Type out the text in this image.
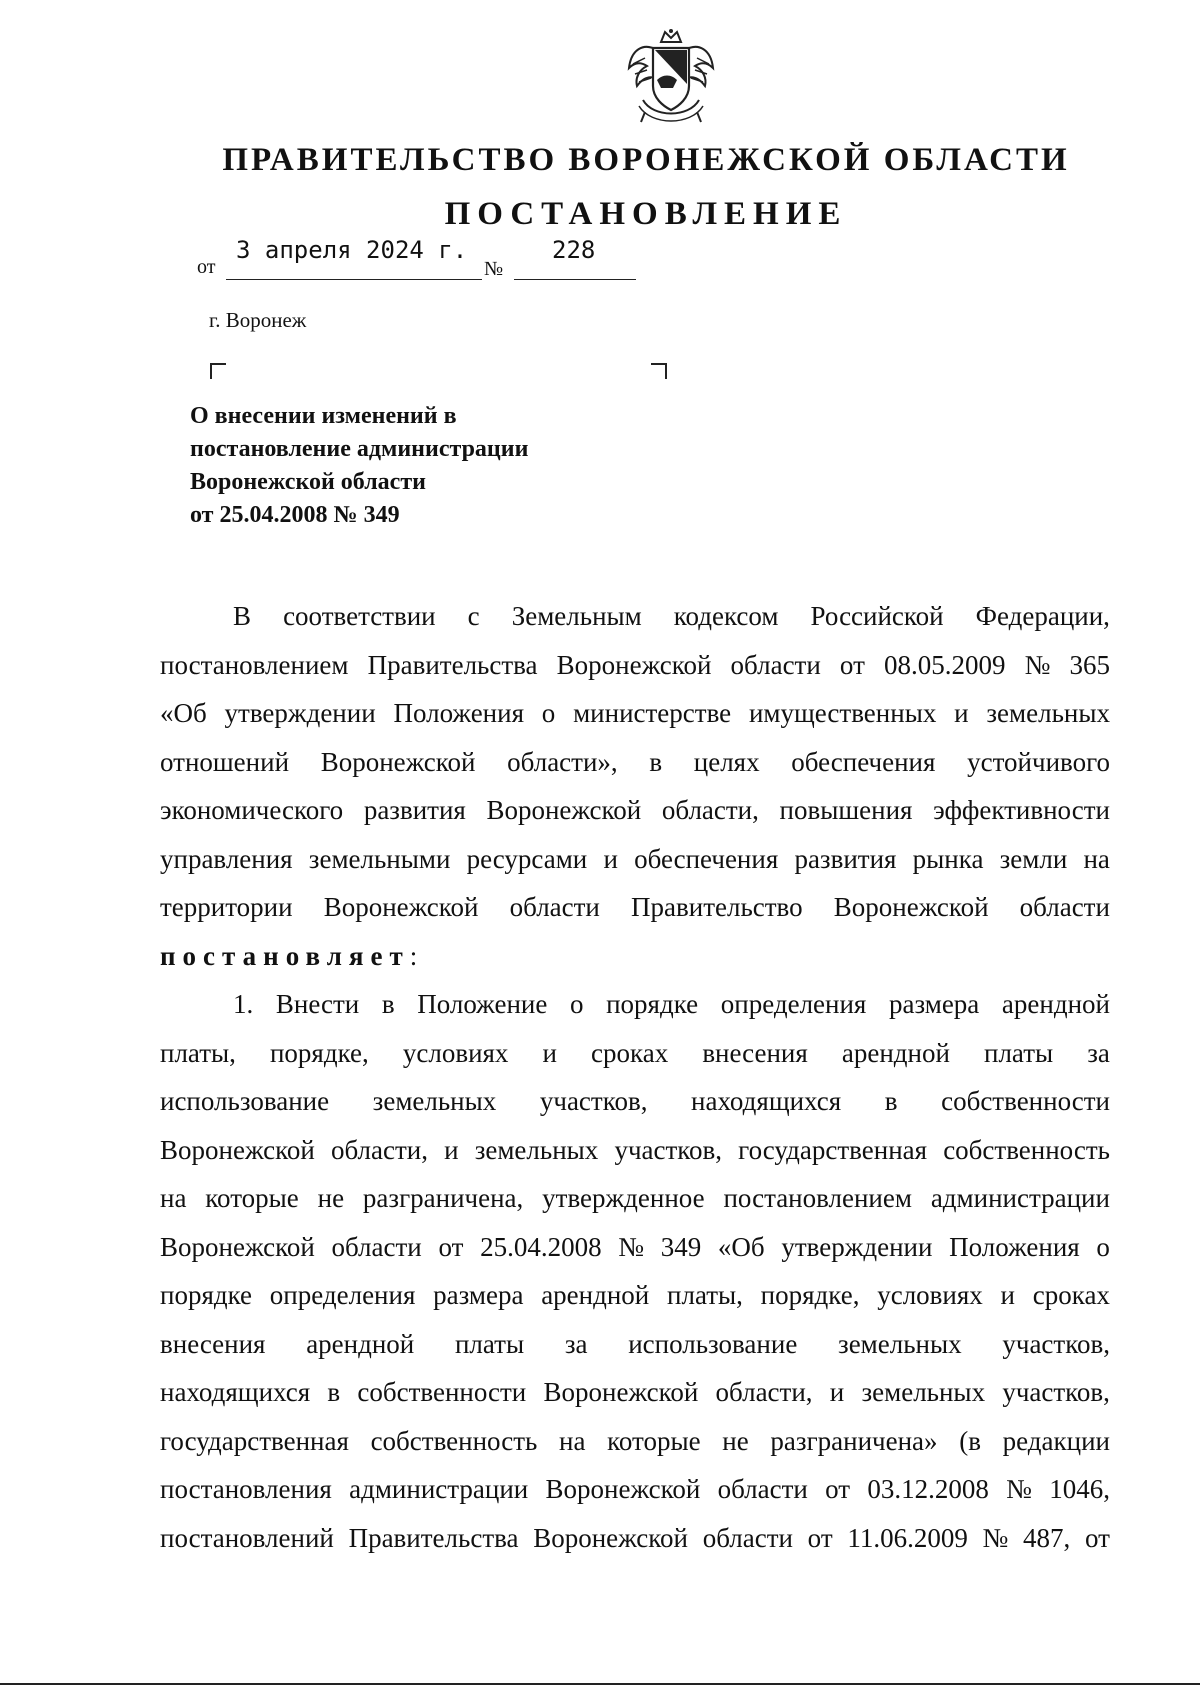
ПРАВИТЕЛЬСТВО ВОРОНЕЖСКОЙ ОБЛАСТИ
ПОСТАНОВЛЕНИЕ
от
3 апреля 2024 г.
№
228
г. Воронеж
О внесении изменений в
постановление администрации
Воронежской области
от 25.04.2008 № 349
В соответствии с Земельным кодексом Российской Федерации,
постановлением Правительства Воронежской области от 08.05.2009 № 365
«Об утверждении Положения о министерстве имущественных и земельных
отношений Воронежской области», в целях обеспечения устойчивого
экономического развития Воронежской области, повышения эффективности
управления земельными ресурсами и обеспечения развития рынка земли на
территории Воронежской области Правительство Воронежской области
постановляет :
1. Внести в Положение о порядке определения размера арендной
платы, порядке, условиях и сроках внесения арендной платы за
использование земельных участков, находящихся в собственности
Воронежской области, и земельных участков, государственная собственность
на которые не разграничена, утвержденное постановлением администрации
Воронежской области от 25.04.2008 № 349 «Об утверждении Положения о
порядке определения размера арендной платы, порядке, условиях и сроках
внесения арендной платы за использование земельных участков,
находящихся в собственности Воронежской области, и земельных участков,
государственная собственность на которые не разграничена» (в редакции
постановления администрации Воронежской области от 03.12.2008 № 1046,
постановлений Правительства Воронежской области от 11.06.2009 № 487, от
